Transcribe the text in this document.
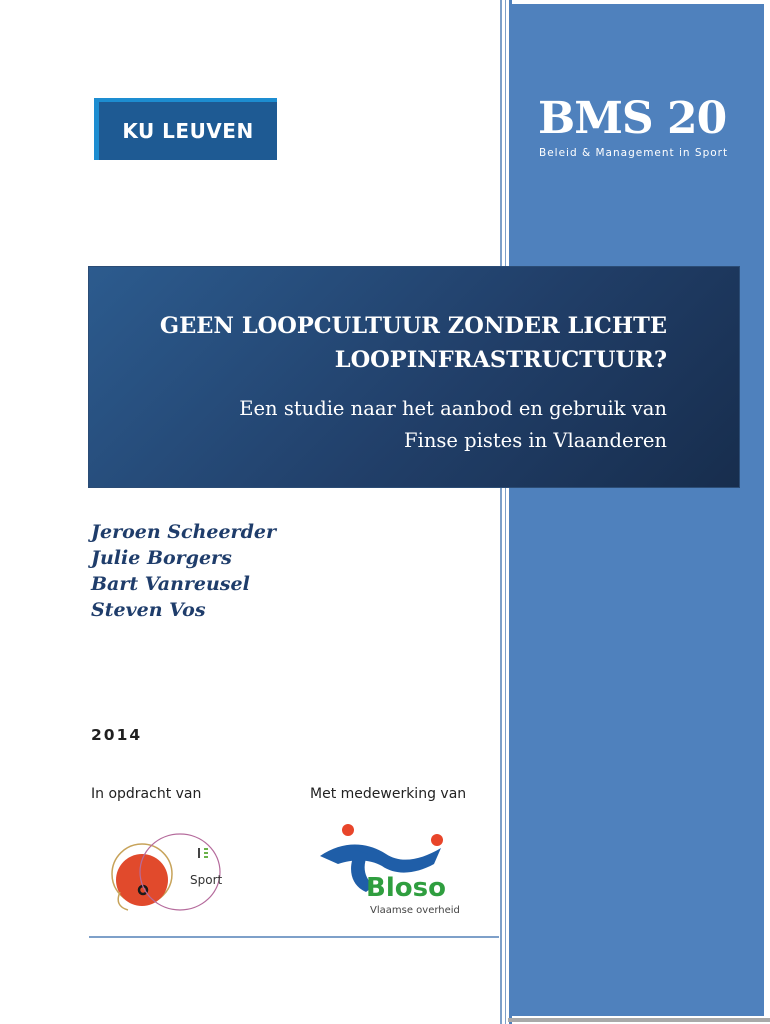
BMS 20
Beleid & Management in Sport
KU LEUVEN
GEEN LOOPCULTUUR ZONDER LICHTE
LOOPINFRASTRUCTUUR?
Een studie naar het aanbod en gebruik van
Finse pistes in Vlaanderen
Jeroen Scheerder
Julie Borgers
Bart Vanreusel
Steven Vos
2014
In opdracht van	Met medewerking van
Sport	Bloso
Vlaamse overheid
